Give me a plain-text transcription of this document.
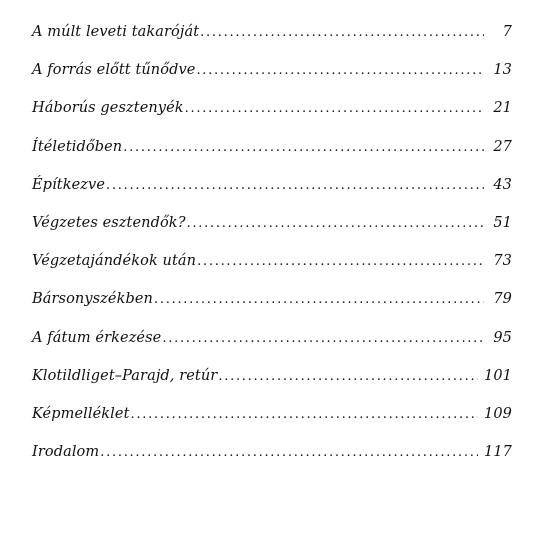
A múlt leveti takaróját . . .	7
A forrás előtt tűnődve . . .	13
Háborús gesztenyék . . .	21
Ítéletidőben . . .	27
Építkezve . . .	43
Végzetes esztendők? . . .	51
Végzetajándékok után . . .	73
Bársonyszékben . . .	79
A fátum érkezése . . .	95
Klotildliget–Parajd, retúr . . .	101
Képmelléklet . . .	109
Irodalom . . .	117
